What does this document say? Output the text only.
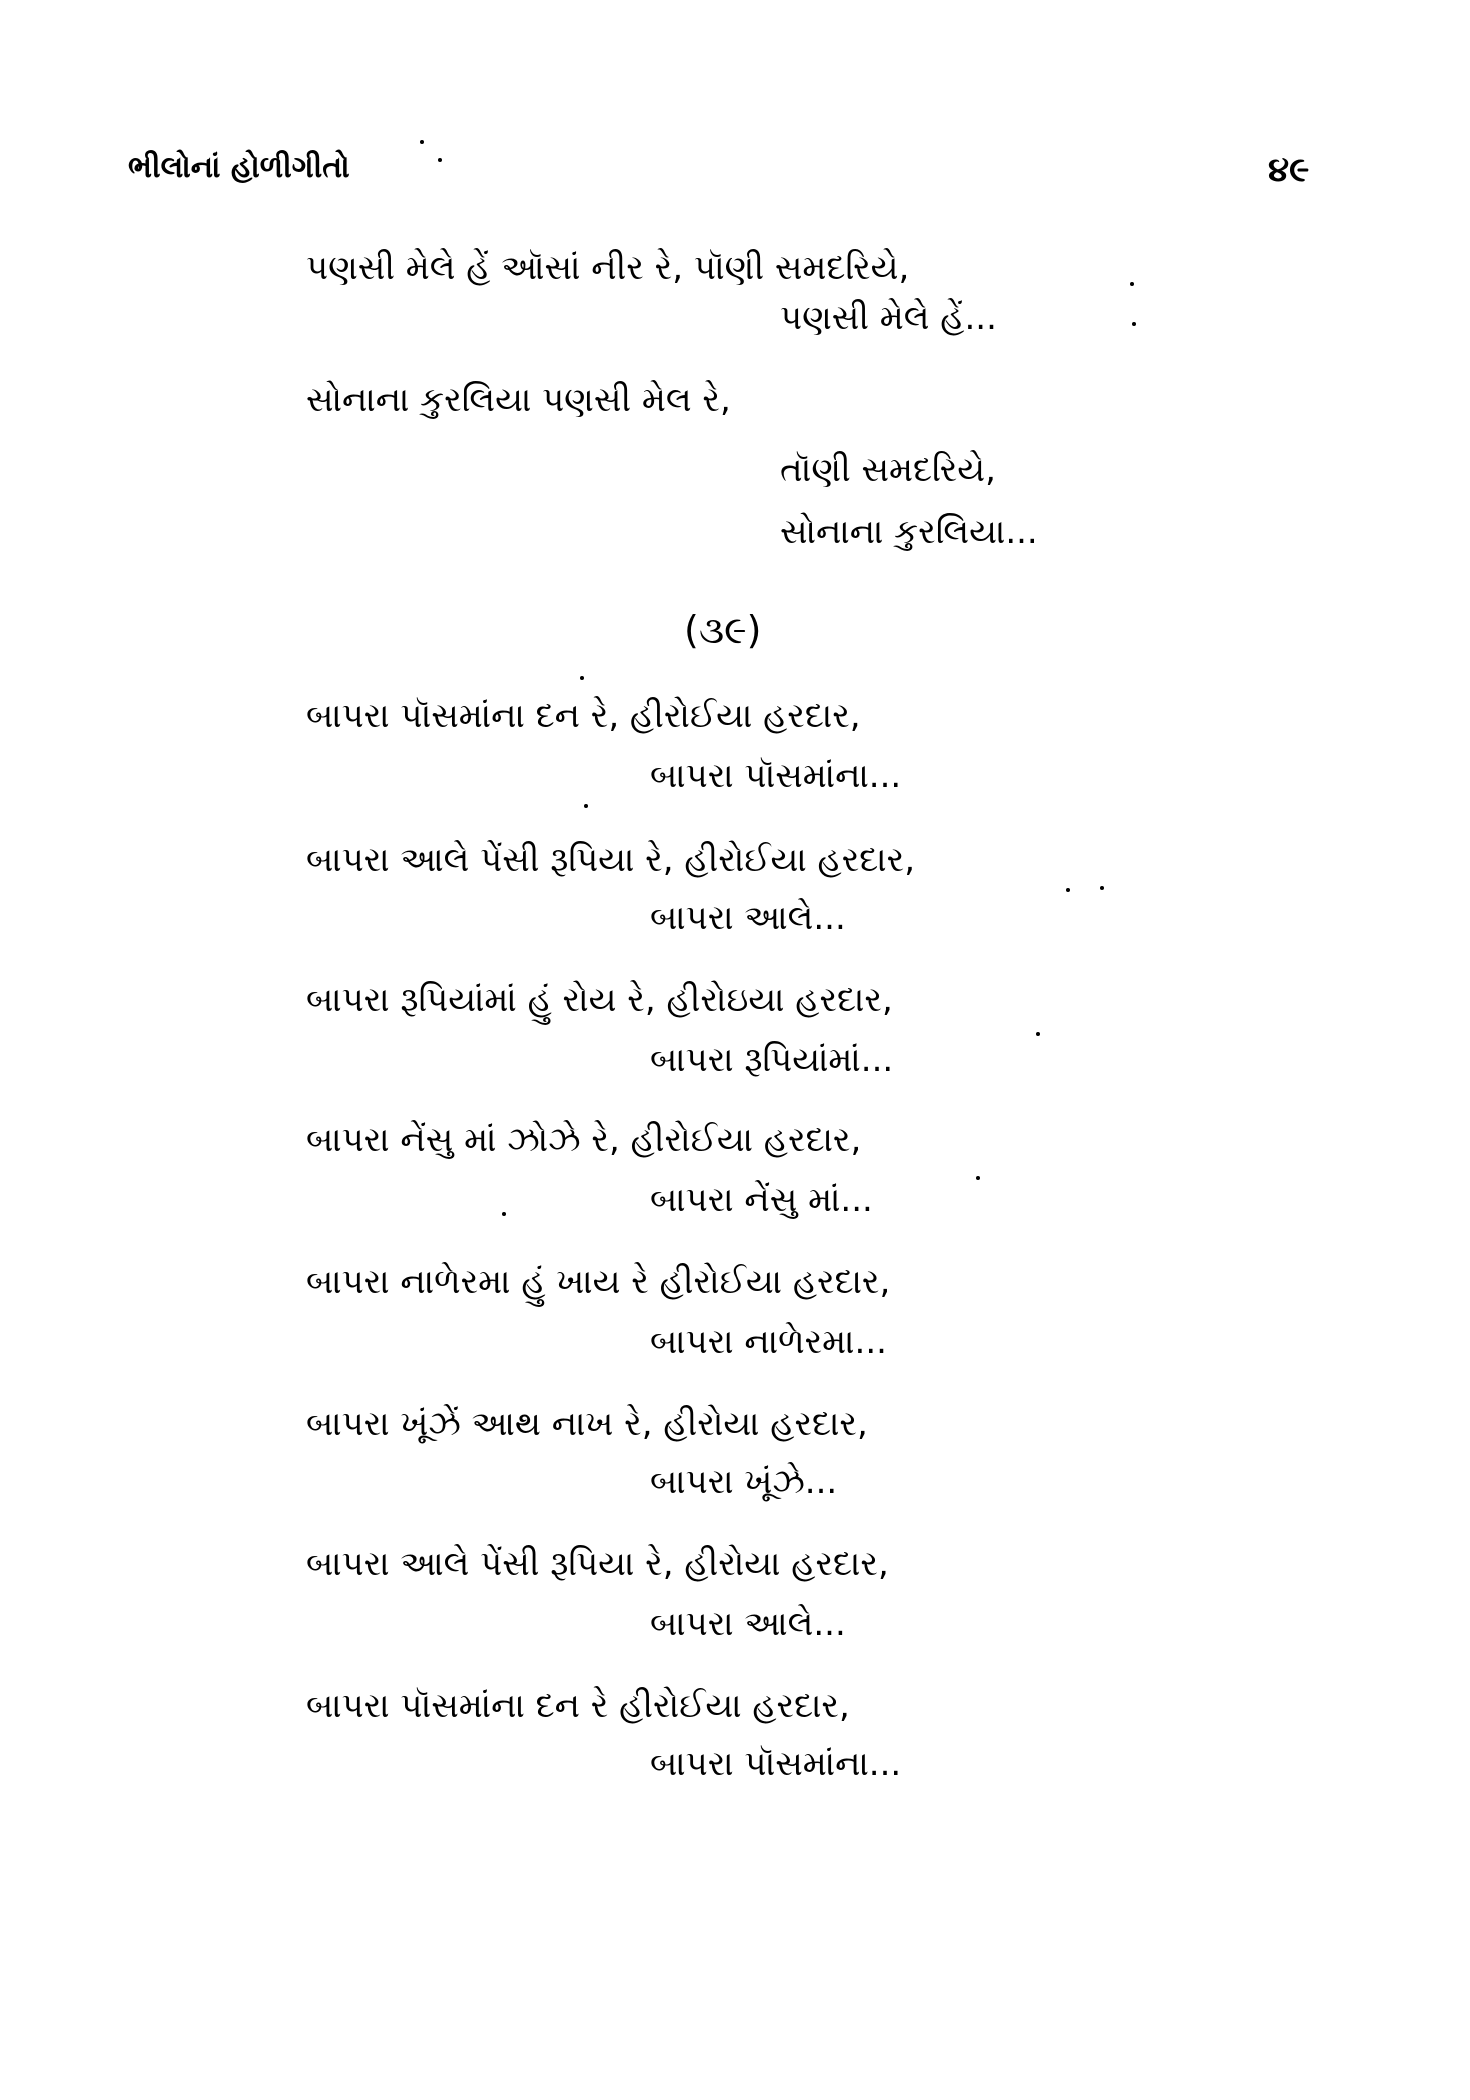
ભીલોનાં હોળીગીતો	૪૯
પણસી મેલે હેં ઑસાં નીર રે, પૉણી સમદરિયે,
પણસી મેલે હેં...
સોનાના કુરલિયા પણસી મેલ રે,
તૉણી સમદરિયે,
સોનાના કુરલિયા...
(૩૯)
બાપરા પૉસમાંના દન રે, હીરોઈયા હરદાર,
બાપરા પૉસમાંના...
બાપરા આલે પેંસી રૂપિયા રે, હીરોઈયા હરદાર,
બાપરા આલે...
બાપરા રૂપિયાંમાં હું રોય રે, હીરોઇયા હરદાર,
બાપરા રૂપિયાંમાં...
બાપરા નેંસુ માં ઝોઝે રે, હીરોઈયા હરદાર,
બાપરા નેંસુ માં...
બાપરા નાળેરમા હું ખાય રે હીરોઈયા હરદાર,
બાપરા નાળેરમા...
બાપરા ખૂંઝેં આથ નાખ રે, હીરોયા હરદાર,
બાપરા ખૂંઝે...
બાપરા આલે પેંસી રૂપિયા રે, હીરોયા હરદાર,
બાપરા આલે...
બાપરા પૉસમાંના દન રે હીરોઈયા હરદાર,
બાપરા પૉસમાંના...
